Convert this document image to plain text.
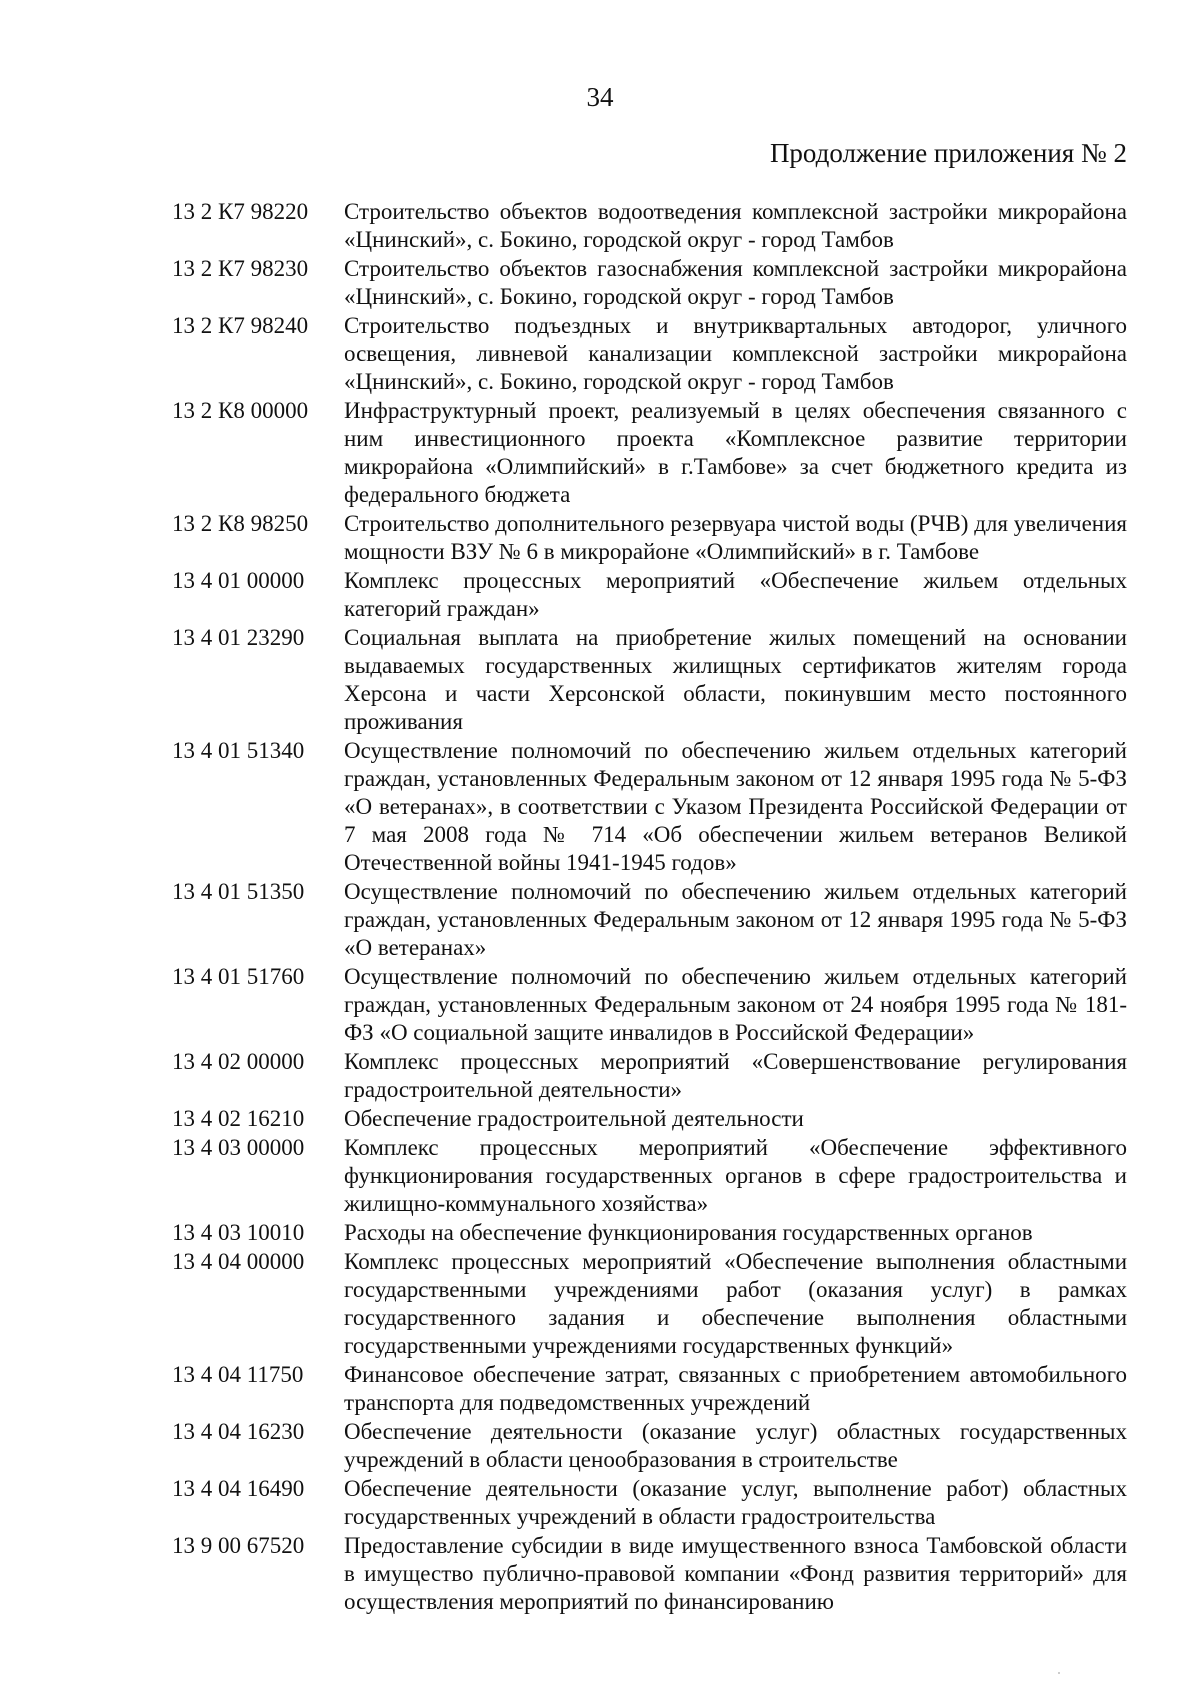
34
Продолжение приложения № 2
13 2 К7 98220	Строительство объектов водоотведения комплексной застройки микрорайона «Цнинский», с. Бокино, городской округ - город Тамбов
13 2 К7 98230	Строительство объектов газоснабжения комплексной застройки микрорайона «Цнинский», с. Бокино, городской округ - город Тамбов
13 2 К7 98240	Строительство подъездных и внутриквартальных автодорог, уличного освещения, ливневой канализации комплексной застройки микрорайона «Цнинский», с. Бокино, городской округ - город Тамбов
13 2 К8 00000	Инфраструктурный проект, реализуемый в целях обеспечения связанного с ним инвестиционного проекта «Комплексное развитие территории микрорайона «Олимпийский» в г.Тамбове» за счет бюджетного кредита из федерального бюджета
13 2 К8 98250	Строительство дополнительного резервуара чистой воды (РЧВ) для увеличения мощности ВЗУ № 6 в микрорайоне «Олимпийский» в г. Тамбове
13 4 01 00000	Комплекс процессных мероприятий «Обеспечение жильем отдельных категорий граждан»
13 4 01 23290	Социальная выплата на приобретение жилых помещений на основании выдаваемых государственных жилищных сертификатов жителям города Херсона и части Херсонской области, покинувшим место постоянного проживания
13 4 01 51340	Осуществление полномочий по обеспечению жильем отдельных категорий граждан, установленных Федеральным законом от 12 января 1995 года № 5-ФЗ «О ветеранах», в соответствии с Указом Президента Российской Федерации от 7 мая 2008 года № 714 «Об обеспечении жильем ветеранов Великой Отечественной войны 1941-1945 годов»
13 4 01 51350	Осуществление полномочий по обеспечению жильем отдельных категорий граждан, установленных Федеральным законом от 12 января 1995 года № 5-ФЗ «О ветеранах»
13 4 01 51760	Осуществление полномочий по обеспечению жильем отдельных категорий граждан, установленных Федеральным законом от 24 ноября 1995 года № 181-ФЗ «О социальной защите инвалидов в Российской Федерации»
13 4 02 00000	Комплекс процессных мероприятий «Совершенствование регулирования градостроительной деятельности»
13 4 02 16210	Обеспечение градостроительной деятельности
13 4 03 00000	Комплекс процессных мероприятий «Обеспечение эффективного функционирования государственных органов в сфере градостроительства и жилищно-коммунального хозяйства»
13 4 03 10010	Расходы на обеспечение функционирования государственных органов
13 4 04 00000	Комплекс процессных мероприятий «Обеспечение выполнения областными государственными учреждениями работ (оказания услуг) в рамках государственного задания и обеспечение выполнения областными государственными учреждениями государственных функций»
13 4 04 11750	Финансовое обеспечение затрат, связанных с приобретением автомобильного транспорта для подведомственных учреждений
13 4 04 16230	Обеспечение деятельности (оказание услуг) областных государственных учреждений в области ценообразования в строительстве
13 4 04 16490	Обеспечение деятельности (оказание услуг, выполнение работ) областных государственных учреждений в области градостроительства
13 9 00 67520	Предоставление субсидии в виде имущественного взноса Тамбовской области в имущество публично-правовой компании «Фонд развития территорий» для осуществления мероприятий по финансированию
